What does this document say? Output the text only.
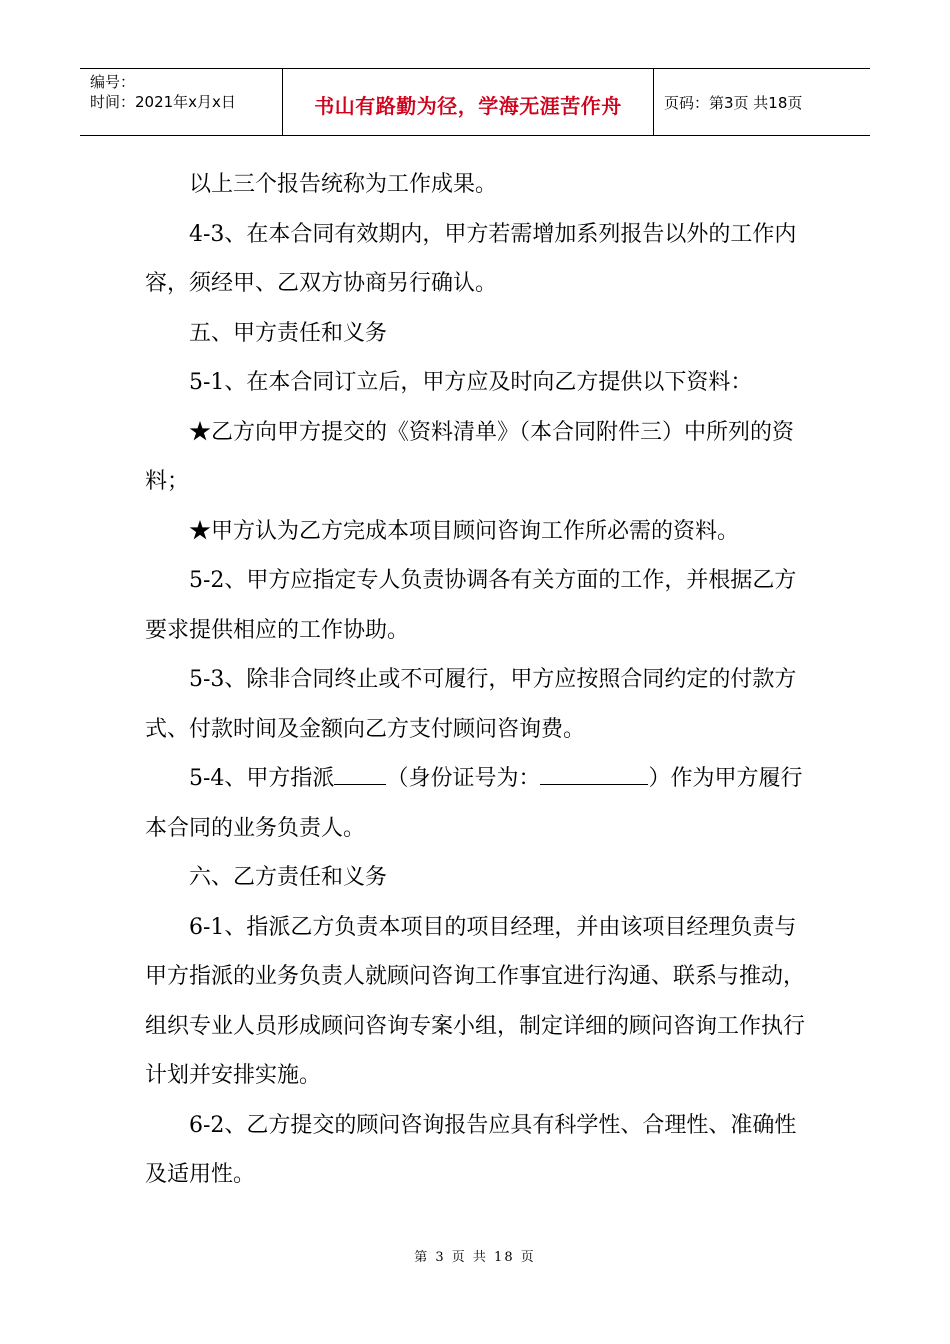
编号：
时间：2021年x月x日	书山有路勤为径，学海无涯苦作舟	页码：第3页 共18页

以上三个报告统称为工作成果。

4-3、在本合同有效期内，甲方若需增加系列报告以外的工作内容，须经甲、乙双方协商另行确认。

五、甲方责任和义务

5-1、在本合同订立后，甲方应及时向乙方提供以下资料：

★乙方向甲方提交的《资料清单》（本合同附件三）中所列的资料；

★甲方认为乙方完成本项目顾问咨询工作所必需的资料。

5-2、甲方应指定专人负责协调各有关方面的工作，并根据乙方要求提供相应的工作协助。

5-3、除非合同终止或不可履行，甲方应按照合同约定的付款方式、付款时间及金额向乙方支付顾问咨询费。

5-4、甲方指派 （身份证号为：	）作为甲方履行本合同的业务负责人。

六、乙方责任和义务

6-1、指派乙方负责本项目的项目经理，并由该项目经理负责与甲方指派的业务负责人就顾问咨询工作事宜进行沟通、联系与推动，组织专业人员形成顾问咨询专案小组，制定详细的顾问咨询工作执行计划并安排实施。

6-2、乙方提交的顾问咨询报告应具有科学性、合理性、准确性及适用性。

第 3 页 共 18 页
